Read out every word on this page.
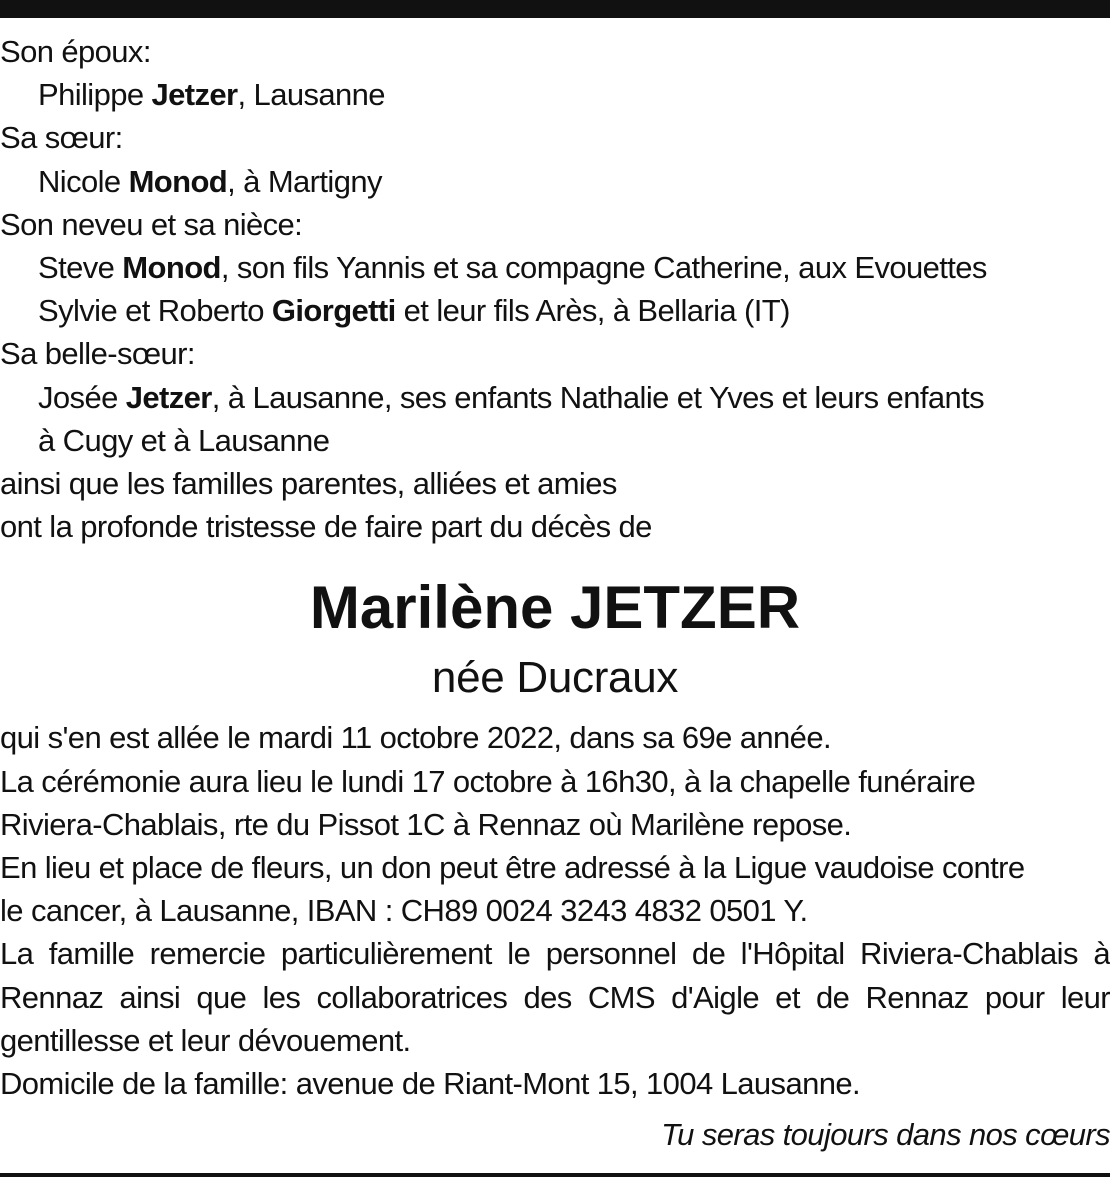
Son époux:
Philippe Jetzer, Lausanne
Sa sœur:
Nicole Monod, à Martigny
Son neveu et sa nièce:
Steve Monod, son fils Yannis et sa compagne Catherine, aux Evouettes
Sylvie et Roberto Giorgetti et leur fils Arès, à Bellaria (IT)
Sa belle-sœur:
Josée Jetzer, à Lausanne, ses enfants Nathalie et Yves et leurs enfants
à Cugy et à Lausanne
ainsi que les familles parentes, alliées et amies
ont la profonde tristesse de faire part du décès de
Marilène JETZER
née Ducraux
qui s'en est allée le mardi 11 octobre 2022, dans sa 69e année.
La cérémonie aura lieu le lundi 17 octobre à 16h30, à la chapelle funéraire
Riviera-Chablais, rte du Pissot 1C à Rennaz où Marilène repose.
En lieu et place de fleurs, un don peut être adressé à la Ligue vaudoise contre
le cancer, à Lausanne, IBAN : CH89 0024 3243 4832 0501 Y.
La famille remercie particulièrement le personnel de l'Hôpital Riviera-Chablais à Rennaz ainsi que les collaboratrices des CMS d'Aigle et de Rennaz pour leur gentillesse et leur dévouement.
Domicile de la famille: avenue de Riant-Mont 15, 1004 Lausanne.
Tu seras toujours dans nos cœurs
